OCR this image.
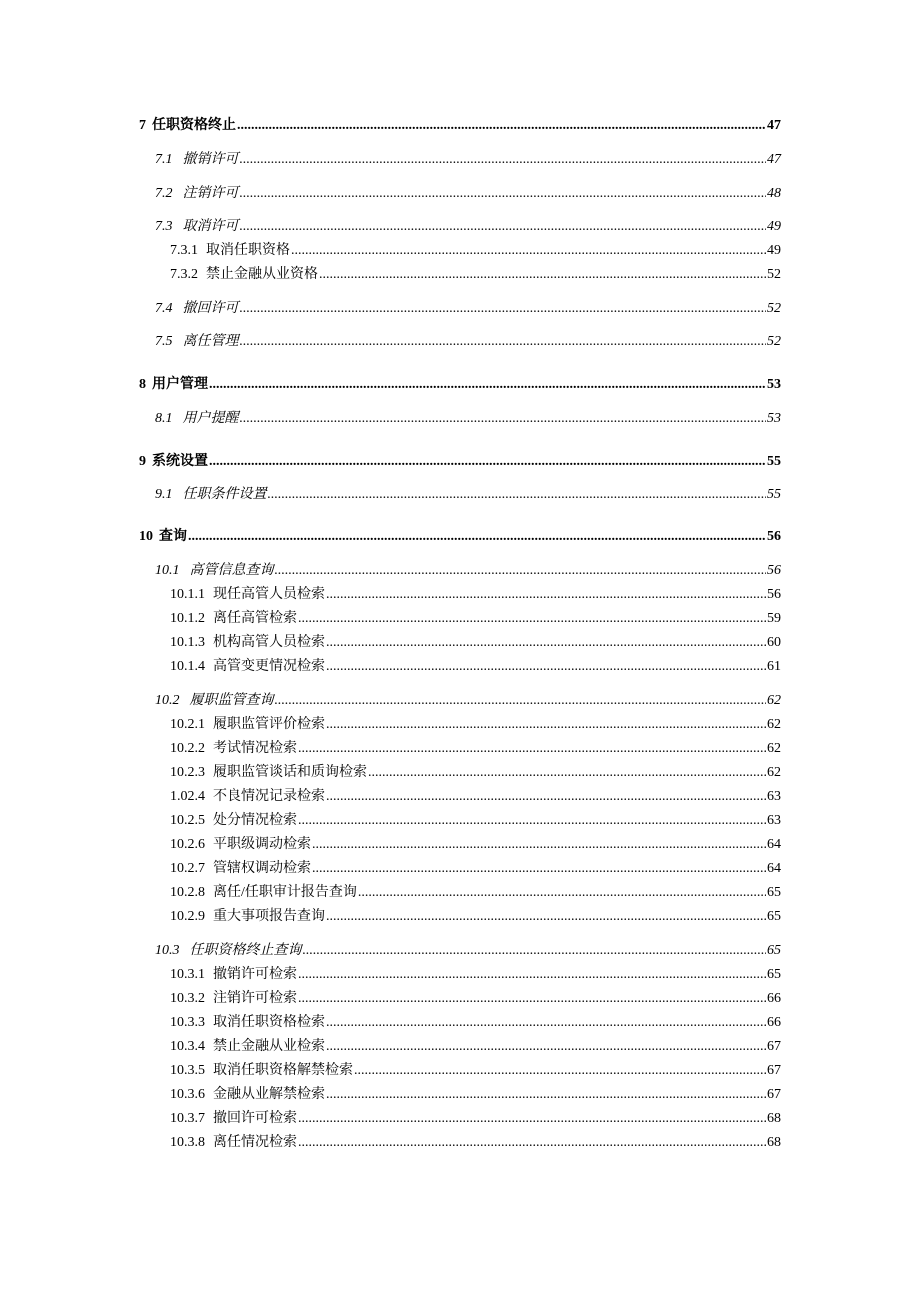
7 任职资格终止 .....	47
7.1 撤销许可 .....	47
7.2 注销许可 .....	48
7.3 取消许可 .....	49
7.3.1 取消任职资格 .....	49
7.3.2 禁止金融从业资格 .....	52
7.4 撤回许可 .....	52
7.5 离任管理 .....	52
8 用户管理 .....	53
8.1 用户提醒 .....	53
9 系统设置 .....	55
9.1 任职条件设置 .....	55
10 查询 .....	56
10.1 高管信息查询 .....	56
10.1.1 现任高管人员检索 .....	56
10.1.2 离任高管检索 .....	59
10.1.3 机构高管人员检索 .....	60
10.1.4 高管变更情况检索 .....	61
10.2 履职监管查询 .....	62
10.2.1 履职监管评价检索 .....	62
10.2.2 考试情况检索 .....	62
10.2.3 履职监管谈话和质询检索 .....	62
1.02.4 不良情况记录检索 .....	63
10.2.5 处分情况检索 .....	63
10.2.6 平职级调动检索 .....	64
10.2.7 管辖权调动检索 .....	64
10.2.8 离任/任职审计报告查询 .....	65
10.2.9 重大事项报告查询 .....	65
10.3 任职资格终止查询 .....	65
10.3.1 撤销许可检索 .....	65
10.3.2 注销许可检索 .....	66
10.3.3 取消任职资格检索 .....	66
10.3.4 禁止金融从业检索 .....	67
10.3.5 取消任职资格解禁检索 .....	67
10.3.6 金融从业解禁检索 .....	67
10.3.7 撤回许可检索 .....	68
10.3.8 离任情况检索 .....	68
